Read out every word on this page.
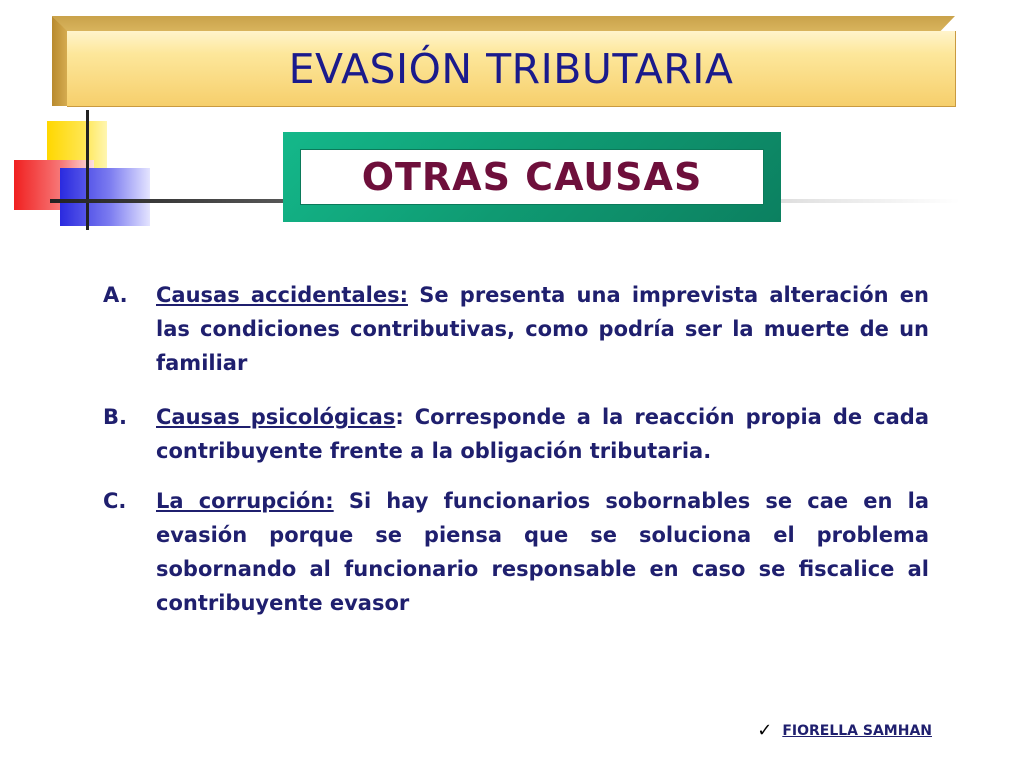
EVASIÓN TRIBUTARIA
OTRAS CAUSAS
A.	Causas accidentales: Se presenta una imprevista alteración en las condiciones contributivas, como podría ser la muerte de un familiar
B.	Causas psicológicas: Corresponde a la reacción propia de cada contribuyente frente a la obligación tributaria.
C.	La corrupción: Si hay funcionarios sobornables se cae en la evasión porque se piensa que se soluciona el problema sobornando al funcionario responsable en caso se fiscalice al contribuyente evasor
✓ FIORELLA SAMHAN
